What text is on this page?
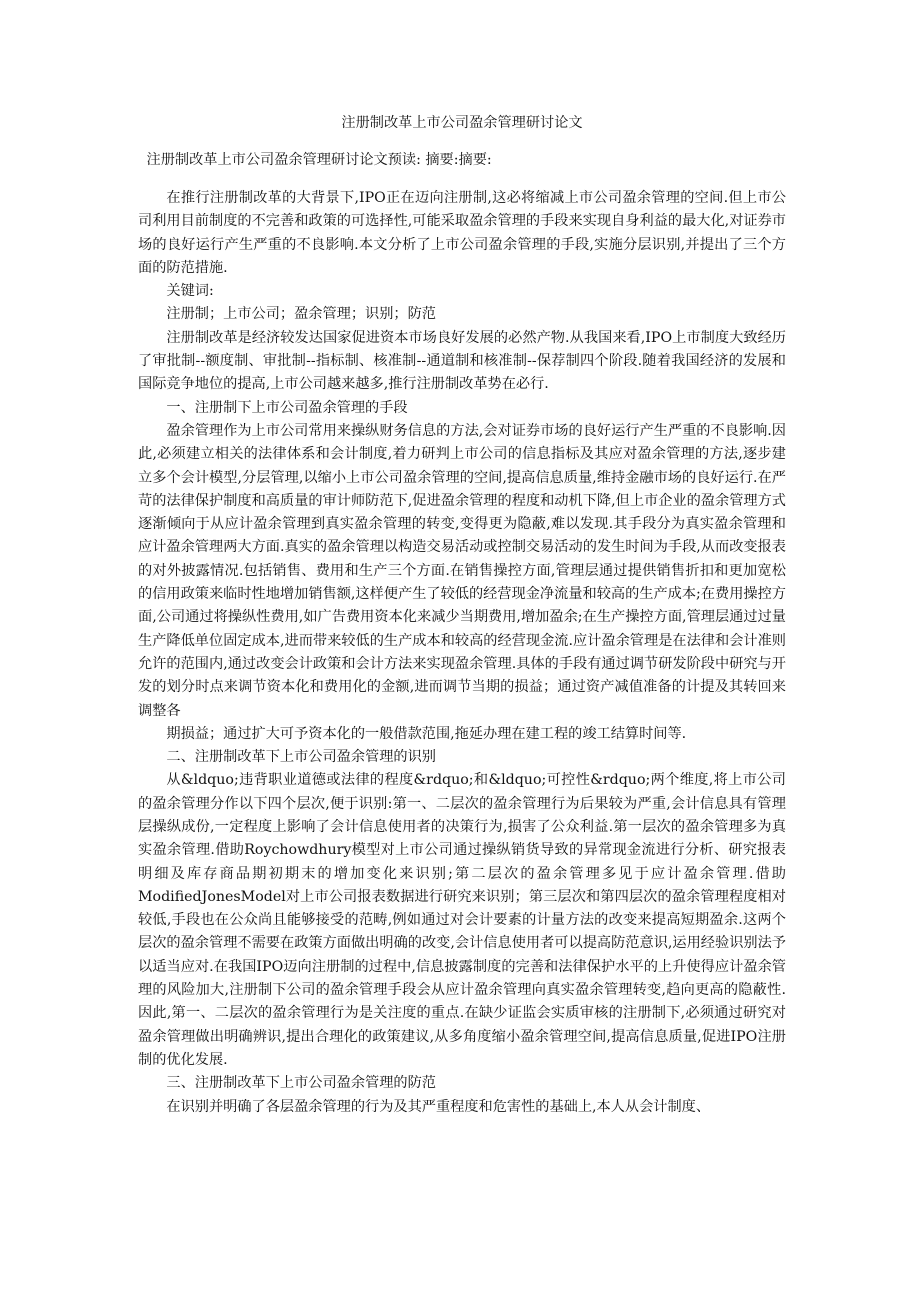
注册制改革上市公司盈余管理研讨论文

注册制改革上市公司盈余管理研讨论文预读: 摘要:摘要:

在推行注册制改革的大背景下,IPO正在迈向注册制,这必将缩减上市公司盈余管理的空间.但上市公司利用目前制度的不完善和政策的可选择性,可能采取盈余管理的手段来实现自身利益的最大化,对证券市场的良好运行产生严重的不良影响.本文分析了上市公司盈余管理的手段,实施分层识别,并提出了三个方面的防范措施.

关键词:

注册制；上市公司；盈余管理；识别；防范

注册制改革是经济较发达国家促进资本市场良好发展的必然产物.从我国来看,IPO上市制度大致经历了审批制--额度制、审批制--指标制、核准制--通道制和核准制--保荐制四个阶段.随着我国经济的发展和国际竞争地位的提高,上市公司越来越多,推行注册制改革势在必行.

一、注册制下上市公司盈余管理的手段

盈余管理作为上市公司常用来操纵财务信息的方法,会对证券市场的良好运行产生严重的不良影响.因此,必须建立相关的法律体系和会计制度,着力研判上市公司的信息指标及其应对盈余管理的方法,逐步建立多个会计模型,分层管理,以缩小上市公司盈余管理的空间,提高信息质量,维持金融市场的良好运行.在严苛的法律保护制度和高质量的审计师防范下,促进盈余管理的程度和动机下降,但上市企业的盈余管理方式逐渐倾向于从应计盈余管理到真实盈余管理的转变,变得更为隐蔽,难以发现.其手段分为真实盈余管理和应计盈余管理两大方面.真实的盈余管理以构造交易活动或控制交易活动的发生时间为手段,从而改变报表的对外披露情况.包括销售、费用和生产三个方面.在销售操控方面,管理层通过提供销售折扣和更加宽松的信用政策来临时性地增加销售额,这样便产生了较低的经营现金净流量和较高的生产成本;在费用操控方面,公司通过将操纵性费用,如广告费用资本化来减少当期费用,增加盈余;在生产操控方面,管理层通过过量生产降低单位固定成本,进而带来较低的生产成本和较高的经营现金流.应计盈余管理是在法律和会计准则允许的范围内,通过改变会计政策和会计方法来实现盈余管理.具体的手段有通过调节研发阶段中研究与开发的划分时点来调节资本化和费用化的金额,进而调节当期的损益；通过资产减值准备的计提及其转回来调整各

期损益；通过扩大可予资本化的一般借款范围,拖延办理在建工程的竣工结算时间等.

二、注册制改革下上市公司盈余管理的识别

从&ldquo;违背职业道德或法律的程度&rdquo;和&ldquo;可控性&rdquo;两个维度,将上市公司的盈余管理分作以下四个层次,便于识别:第一、二层次的盈余管理行为后果较为严重,会计信息具有管理层操纵成份,一定程度上影响了会计信息使用者的决策行为,损害了公众利益.第一层次的盈余管理多为真实盈余管理.借助Roychowdhury模型对上市公司通过操纵销货导致的异常现金流进行分析、研究报表明细及库存商品期初期末的增加变化来识别;第二层次的盈余管理多见于应计盈余管理.借助ModifiedJonesModel对上市公司报表数据进行研究来识别；第三层次和第四层次的盈余管理程度相对较低,手段也在公众尚且能够接受的范畴,例如通过对会计要素的计量方法的改变来提高短期盈余.这两个层次的盈余管理不需要在政策方面做出明确的改变,会计信息使用者可以提高防范意识,运用经验识别法予以适当应对.在我国IPO迈向注册制的过程中,信息披露制度的完善和法律保护水平的上升使得应计盈余管理的风险加大,注册制下公司的盈余管理手段会从应计盈余管理向真实盈余管理转变,趋向更高的隐蔽性.因此,第一、二层次的盈余管理行为是关注度的重点.在缺少证监会实质审核的注册制下,必须通过研究对盈余管理做出明确辨识,提出合理化的政策建议,从多角度缩小盈余管理空间,提高信息质量,促进IPO注册制的优化发展.

三、注册制改革下上市公司盈余管理的防范

在识别并明确了各层盈余管理的行为及其严重程度和危害性的基础上,本人从会计制度、
